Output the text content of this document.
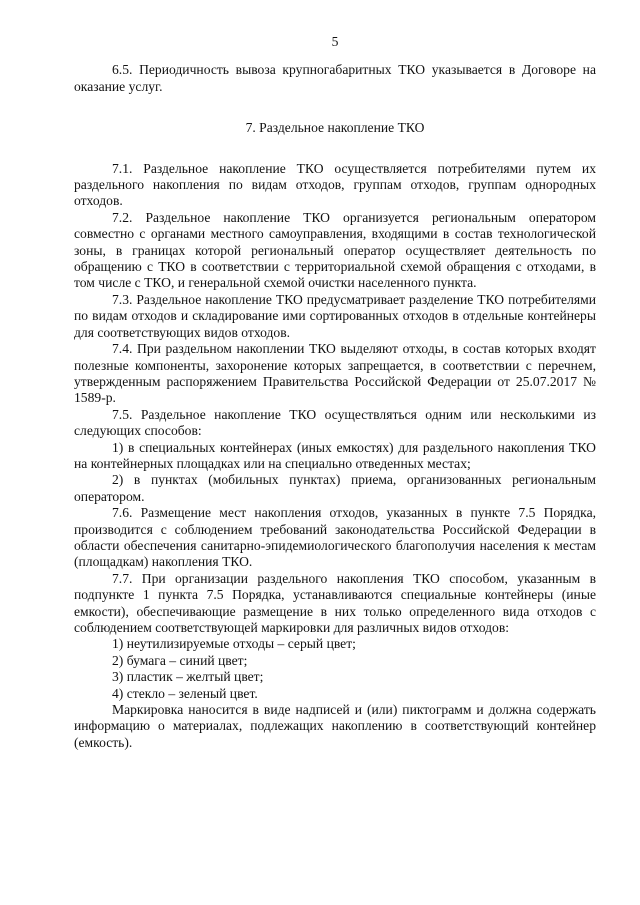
5

6.5. Периодичность вывоза крупногабаритных ТКО указывается в Договоре на оказание услуг.

7. Раздельное накопление ТКО

7.1. Раздельное накопление ТКО осуществляется потребителями путем их раздельного накопления по видам отходов, группам отходов, группам однородных отходов.

7.2. Раздельное накопление ТКО организуется региональным оператором совместно с органами местного самоуправления, входящими в состав технологической зоны, в границах которой региональный оператор осуществляет деятельность по обращению с ТКО в соответствии с территориальной схемой обращения с отходами, в том числе с ТКО, и генеральной схемой очистки населенного пункта.

7.3. Раздельное накопление ТКО предусматривает разделение ТКО потребителями по видам отходов и складирование ими сортированных отходов в отдельные контейнеры для соответствующих видов отходов.

7.4. При раздельном накоплении ТКО выделяют отходы, в состав которых входят полезные компоненты, захоронение которых запрещается, в соответствии с перечнем, утвержденным распоряжением Правительства Российской Федерации от 25.07.2017 № 1589-р.

7.5. Раздельное накопление ТКО осуществляться одним или несколькими из следующих способов:

1) в специальных контейнерах (иных емкостях) для раздельного накопления ТКО на контейнерных площадках или на специально отведенных местах;

2) в пунктах (мобильных пунктах) приема, организованных региональным оператором.

7.6. Размещение мест накопления отходов, указанных в пункте 7.5 Порядка, производится с соблюдением требований законодательства Российской Федерации в области обеспечения санитарно-эпидемиологического благополучия населения к местам (площадкам) накопления ТКО.

7.7. При организации раздельного накопления ТКО способом, указанным в подпункте 1 пункта 7.5 Порядка, устанавливаются специальные контейнеры (иные емкости), обеспечивающие размещение в них только определенного вида отходов с соблюдением соответствующей маркировки для различных видов отходов:

1) неутилизируемые отходы – серый цвет;

2) бумага – синий цвет;

3) пластик – желтый цвет;

4) стекло – зеленый цвет.

Маркировка наносится в виде надписей и (или) пиктограмм и должна содержать информацию о материалах, подлежащих накоплению в соответствующий контейнер (емкость).
